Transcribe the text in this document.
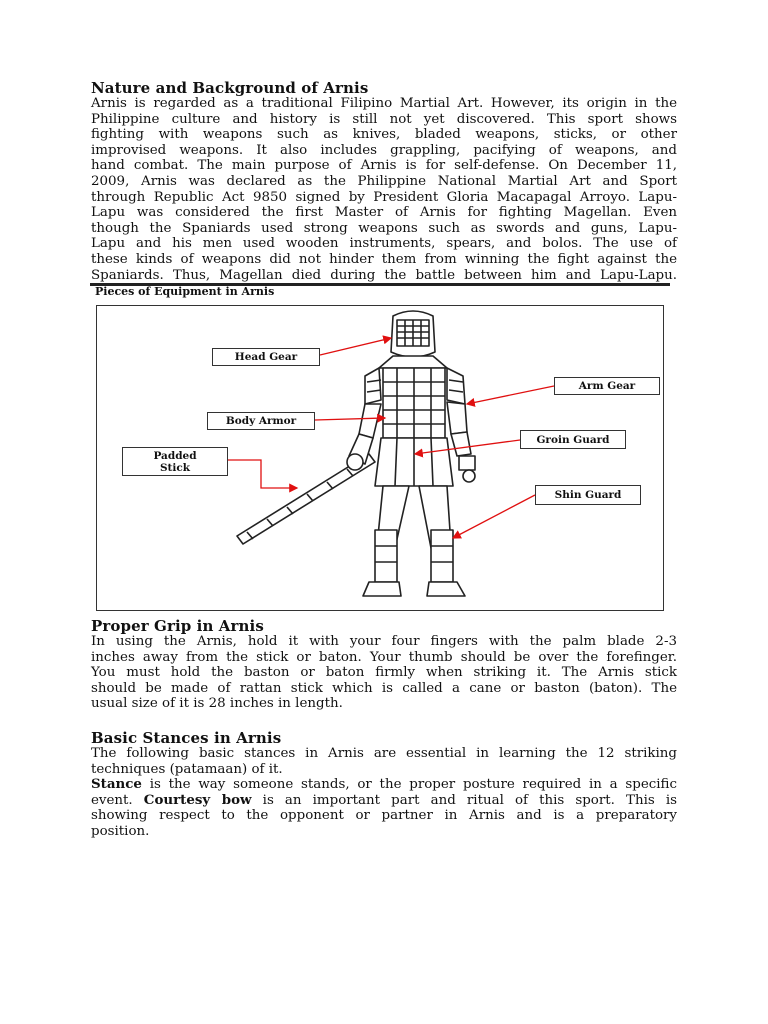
Nature and Background of Arnis
Arnis is regarded as a traditional Filipino Martial Art. However, its origin in the
Philippine culture and history is still not yet discovered. This sport shows
fighting with weapons such as knives, bladed weapons, sticks, or other
improvised weapons. It also includes grappling, pacifying of weapons, and
hand combat. The main purpose of Arnis is for self-defense. On December 11,
2009, Arnis was declared as the Philippine National Martial Art and Sport
through Republic Act 9850 signed by President Gloria Macapagal Arroyo. Lapu-
Lapu was considered the first Master of Arnis for fighting Magellan. Even
though the Spaniards used strong weapons such as swords and guns, Lapu-
Lapu and his men used wooden instruments, spears, and bolos. The use of
these kinds of weapons did not hinder them from winning the fight against the
Spaniards. Thus, Magellan died during the battle between him and Lapu-Lapu.
Pieces of Equipment in Arnis
Head Gear
Arm Gear
Body Armor
Groin Guard
Padded
Stick
Shin Guard
Proper Grip in Arnis
In using the Arnis, hold it with your four fingers with the palm blade 2-3
inches away from the stick or baton. Your thumb should be over the forefinger.
You must hold the baston or baton firmly when striking it. The Arnis stick
should be made of rattan stick which is called a cane or baston (baton). The
usual size of it is 28 inches in length.
Basic Stances in Arnis
The following basic stances in Arnis are essential in learning the 12 striking
techniques (patamaan) of it.
Stance is the way someone stands, or the proper posture required in a specific
event. Courtesy bow is an important part and ritual of this sport. This is
showing respect to the opponent or partner in Arnis and is a preparatory
position.
